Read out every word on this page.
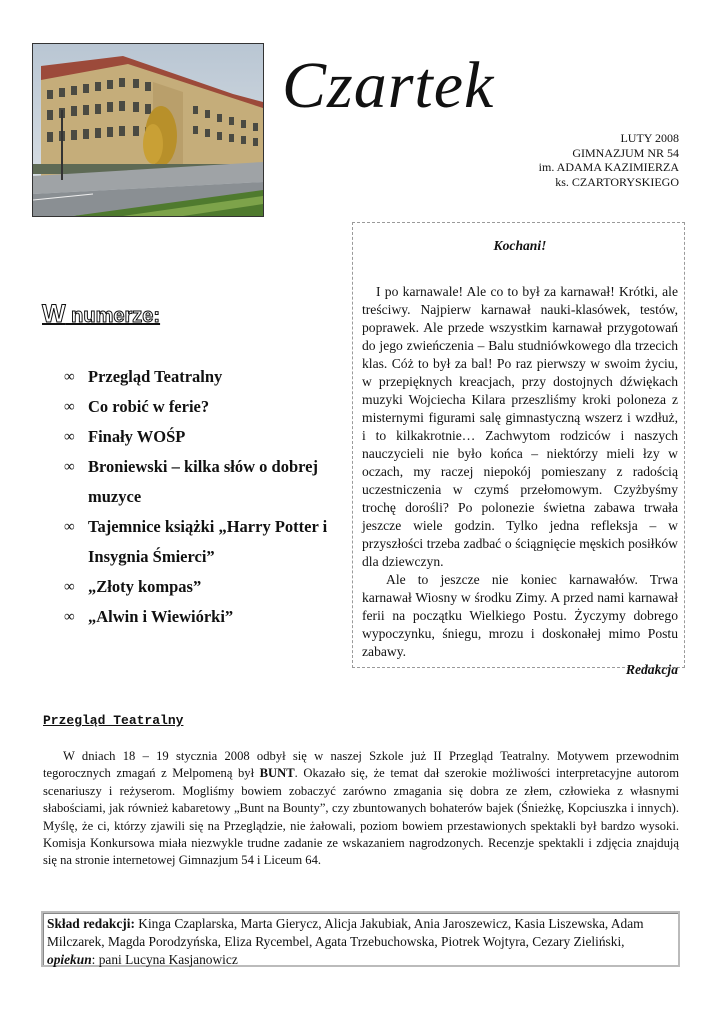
Czartek
LUTY 2008
GIMNAZJUM NR 54
im. ADAMA KAZIMIERZA
ks. CZARTORYSKIEGO
W numerze:
∞ Przegląd Teatralny
∞ Co robić w ferie?
∞ Finały WOŚP
∞ Broniewski – kilka słów o dobrej muzyce
∞ Tajemnice książki „Harry Potter i Insygnia Śmierci”
∞ „Złoty kompas”
∞ „Alwin i Wiewiórki”
Kochani!

I po karnawale! Ale co to był za karnawał! Krótki, ale treściwy. Najpierw karnawał nauki-klasówek, testów, poprawek. Ale przede wszystkim karnawał przygotowań do jego zwieńczenia – Balu studniówkowego dla trzecich klas. Cóż to był za bal! Po raz pierwszy w swoim życiu, w przepięknych kreacjach, przy dostojnych dźwiękach muzyki Wojciecha Kilara przeszliśmy kroki poloneza z misternymi figurami salę gimnastyczną wszerz i wzdłuż, i to kilkakrotnie… Zachwytom rodziców i naszych nauczycieli nie było końca – niektórzy mieli łzy w oczach, my raczej niepokój pomieszany z radością uczestniczenia w czymś przełomowym. Czyżbyśmy trochę dorośli? Po polonezie świetna zabawa trwała jeszcze wiele godzin. Tylko jedna refleksja – w przyszłości trzeba zadbać o ściągnięcie męskich posiłków dla dziewczyn.

Ale to jeszcze nie koniec karnawałów. Trwa karnawał Wiosny w środku Zimy. A przed nami karnawał ferii na początku Wielkiego Postu. Życzymy dobrego wypoczynku, śniegu, mrozu i doskonałej mimo Postu zabawy.

Redakcja
Przegląd Teatralny

W dniach 18 – 19 stycznia 2008 odbył się w naszej Szkole już II Przegląd Teatralny. Motywem przewodnim tegorocznych zmagań z Melpomeną był BUNT. Okazało się, że temat dał szerokie możliwości interpretacyjne autorom scenariuszy i reżyserom. Mogliśmy bowiem zobaczyć zarówno zmagania się dobra ze złem, człowieka z własnymi słabościami, jak również kabaretowy „Bunt na Bounty”, czy zbuntowanych bohaterów bajek (Śnieżkę, Kopciuszka i innych). Myślę, że ci, którzy zjawili się na Przeglądzie, nie żałowali, poziom bowiem przestawionych spektakli był bardzo wysoki. Komisja Konkursowa miała niezwykle trudne zadanie ze wskazaniem nagrodzonych. Recenzje spektakli i zdjęcia znajdują się na stronie internetowej Gimnazjum 54 i Liceum 64.

Skład redakcji: Kinga Czaplarska, Marta Gierycz, Alicja Jakubiak, Ania Jaroszewicz, Kasia Liszewska, Adam Milczarek, Magda Porodzyńska, Eliza Rycembel, Agata Trzebuchowska, Piotrek Wojtyra, Cezary Zieliński, opiekun: pani Lucyna Kasjanowicz
